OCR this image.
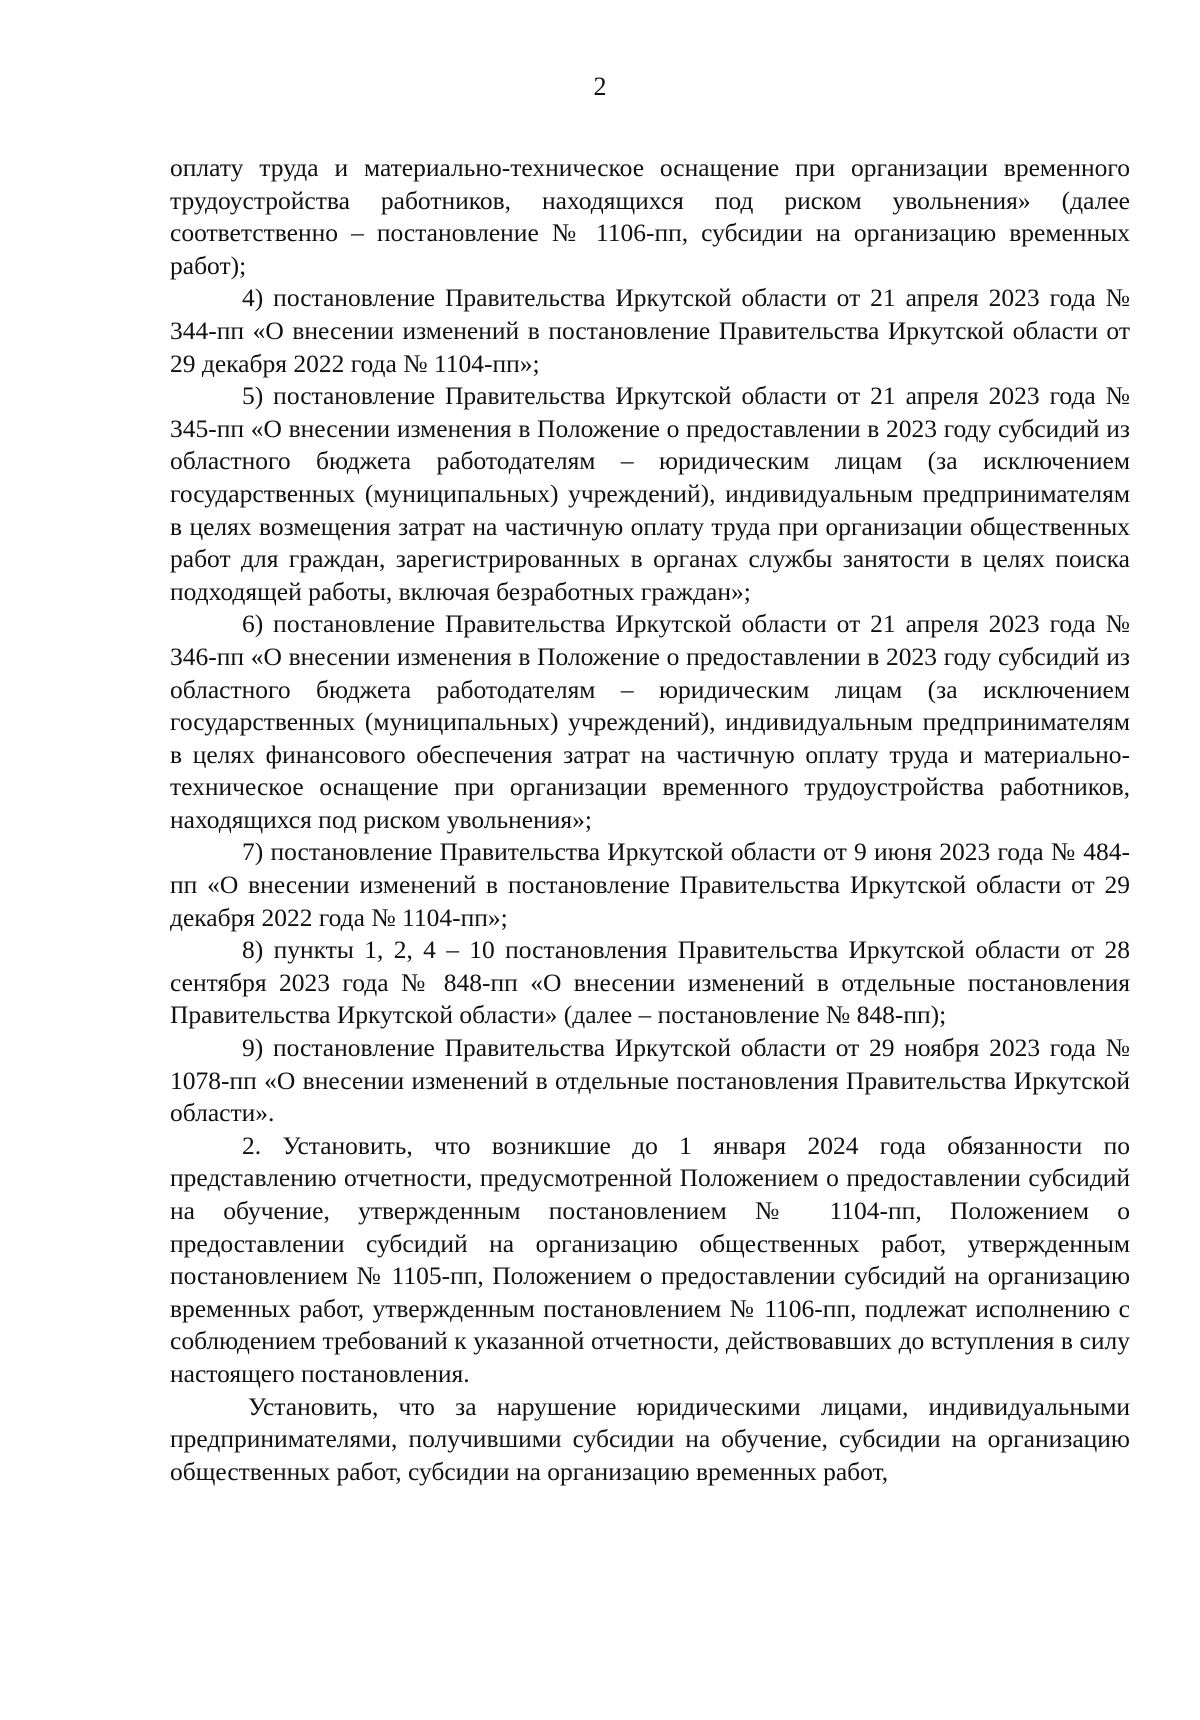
2

оплату труда и материально-техническое оснащение при организации временного трудоустройства работников, находящихся под риском увольнения» (далее соответственно – постановление № 1106-пп, субсидии на организацию временных работ);

4) постановление Правительства Иркутской области от 21 апреля 2023 года № 344-пп «О внесении изменений в постановление Правительства Иркутской области от 29 декабря 2022 года № 1104-пп»;

5) постановление Правительства Иркутской области от 21 апреля 2023 года № 345-пп «О внесении изменения в Положение о предоставлении в 2023 году субсидий из областного бюджета работодателям – юридическим лицам (за исключением государственных (муниципальных) учреждений), индивидуальным предпринимателям в целях возмещения затрат на частичную оплату труда при организации общественных работ для граждан, зарегистрированных в органах службы занятости в целях поиска подходящей работы, включая безработных граждан»;

6) постановление Правительства Иркутской области от 21 апреля 2023 года № 346-пп «О внесении изменения в Положение о предоставлении в 2023 году субсидий из областного бюджета работодателям – юридическим лицам (за исключением государственных (муниципальных) учреждений), индивидуальным предпринимателям в целях финансового обеспечения затрат на частичную оплату труда и материально-техническое оснащение при организации временного трудоустройства работников, находящихся под риском увольнения»;

7) постановление Правительства Иркутской области от 9 июня 2023 года № 484-пп «О внесении изменений в постановление Правительства Иркутской области от 29 декабря 2022 года № 1104-пп»;

8) пункты 1, 2, 4 – 10 постановления Правительства Иркутской области от 28 сентября 2023 года № 848-пп «О внесении изменений в отдельные постановления Правительства Иркутской области» (далее – постановление № 848-пп);

9) постановление Правительства Иркутской области от 29 ноября 2023 года № 1078-пп «О внесении изменений в отдельные постановления Правительства Иркутской области».

2. Установить, что возникшие до 1 января 2024 года обязанности по представлению отчетности, предусмотренной Положением о предоставлении субсидий на обучение, утвержденным постановлением № 1104-пп, Положением о предоставлении субсидий на организацию общественных работ, утвержденным постановлением № 1105-пп, Положением о предоставлении субсидий на организацию временных работ, утвержденным постановлением № 1106-пп, подлежат исполнению с соблюдением требований к указанной отчетности, действовавших до вступления в силу настоящего постановления.

Установить, что за нарушение юридическими лицами, индивидуальными предпринимателями, получившими субсидии на обучение, субсидии на организацию общественных работ, субсидии на организацию временных работ,
